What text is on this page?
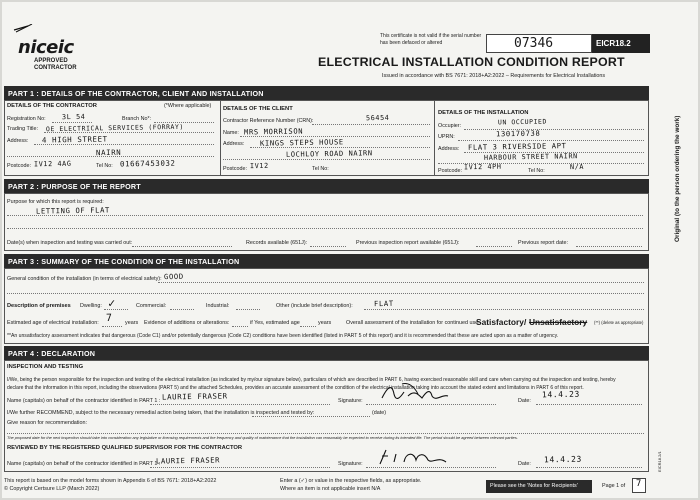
niceic
APPROVED
CONTRACTOR
This certificate is not valid if the serial number has been defaced or altered	07346	EICR18.2
ELECTRICAL INSTALLATION CONDITION REPORT
Issued in accordance with BS 7671: 2018+A2:2022 – Requirements for Electrical Installations
Original (to the person ordering the work)
PART 1 : DETAILS OF THE CONTRACTOR, CLIENT AND INSTALLATION
DETAILS OF THE CONTRACTOR	(*Where applicable)
Registration No: 3L 54	Branch No*:
Trading Title: OE ELECTRICAL SERVICES (FORRAY)
Address: 4 HIGH STREET
NAIRN
Postcode: IV12 4AG	Tel No: 01667453032
DETAILS OF THE CLIENT
Contractor Reference Number (CRN):	56454
Name: MRS MORRISON
Address: KINGS STEPS HOUSE
LOCHLOY ROAD NAIRN
Postcode: IV12	Tel No:
DETAILS OF THE INSTALLATION
Occupier:	UN OCCUPIED
UPRN:	130170738
Address: FLAT 3 RIVERSIDE APT
HARBOUR STREET NAIRN
Postcode: IV12 4PH	Tel No:	N/A
PART 2 : PURPOSE OF THE REPORT
Purpose for which this report is required:
LETTING OF FLAT
Date(s) when inspection and testing was carried out:	Records available (651J):	Previous inspection report available (651J):	Previous report date:
PART 3 : SUMMARY OF THE CONDITION OF THE INSTALLATION
General condition of the installation (in terms of electrical safety): GOOD
Description of premises Dwelling: ✓	Commercial:	Industrial:	Other (include brief description):	FLAT
Estimated age of electrical installation: 7 years Evidence of additions or alterations:	if Yes, estimated age	years	Overall assessment of the installation for continued use:
Satisfactory/ Unsatisfactory (**) (delete as appropriate)
**An unsatisfactory assessment indicates that dangerous (Code C1) and/or potentially dangerous (Code C2) conditions have been identified (listed in PART 5 of this report) and it is recommended that these are acted upon as a matter of urgency.
PART 4 : DECLARATION
INSPECTION AND TESTING
I/We, being the person responsible for the inspection and testing of the electrical installation (as indicated by my/our signature below), particulars of which are described in PART 6, having exercised reasonable skill and care when carrying out the inspection and testing, hereby
declare that the information in this report, including the observations (PART 5) and the attached Schedules, provides an accurate assessment of the condition of the electrical installation taking into account the stated extent and limitations in PART 6 of this report.
Name (capitals) on behalf of the contractor identified in PART 1 : LAURIE FRASER	Signature:	Date:
14.4.23
I/We further RECOMMEND, subject to the necessary remedial action being taken, that the installation is inspected and tested by:	(date)
Give reason for recommendation:
The proposed date for the next inspection should take into consideration any legislative or licensing requirements and the frequency and quality of maintenance that the installation can reasonably be expected to receive during its intended life. The period should be agreed between relevant parties.
REVIEWED BY THE REGISTERED QUALIFIED SUPERVISOR FOR THE CONTRACTOR
Name (capitals) on behalf of the contractor identified in PART 1 :
LAURIE FRASER	Signature:	Date: 14.4.23
This report is based on the model forms shown in Appendix 6 of BS 7671: 2018+A2:2022
© Copyright Certsure LLP (March 2022)
Enter a (✓) or value in the respective fields, as appropriate.
Where an item is not applicable insert N/A	Please see the 'Notes for Recipients'	Page 1 of 7
EICR18.2/1
